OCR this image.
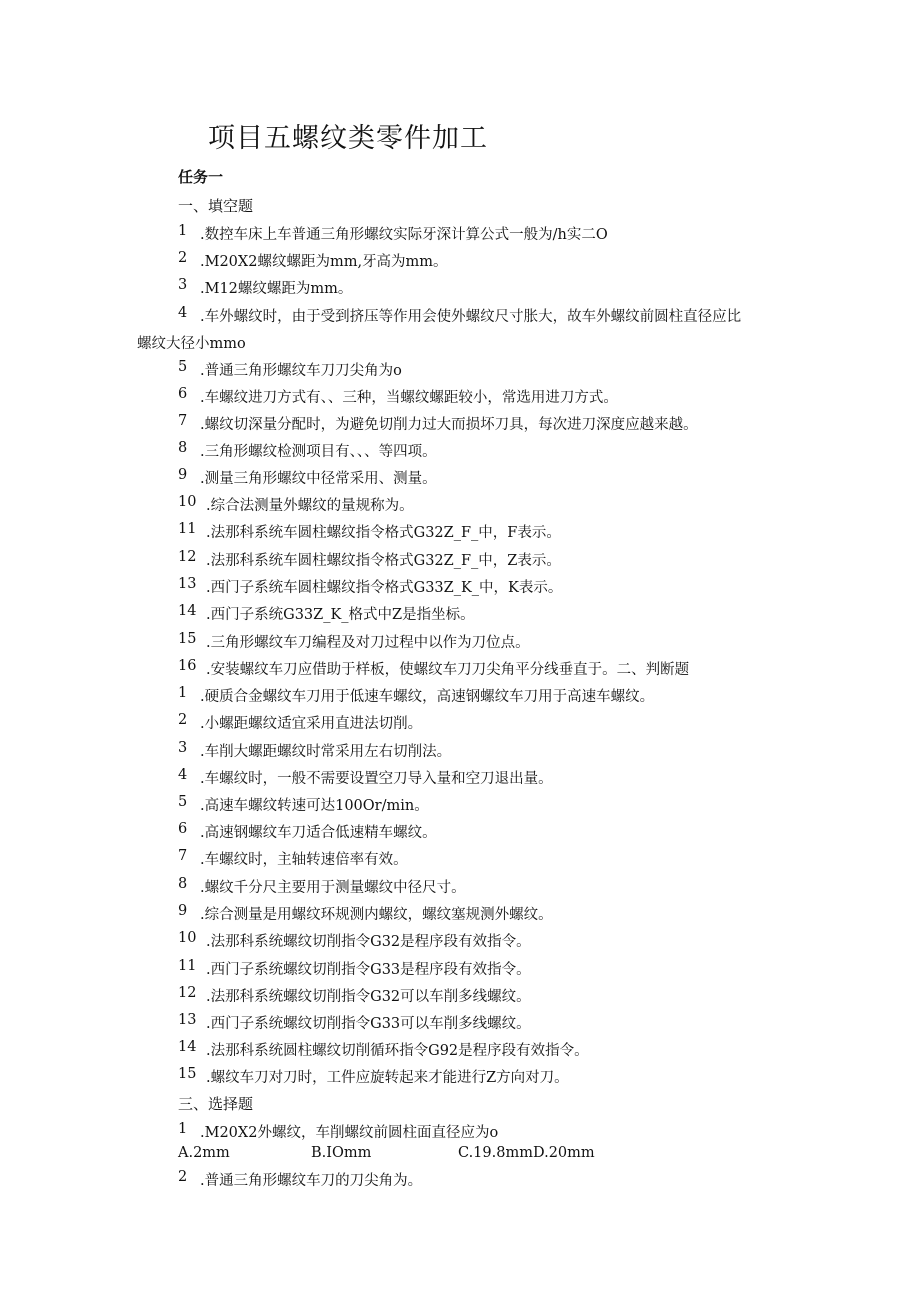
项目五螺纹类零件加工
任务一
一、填空题
1 .数控车床上车普通三角形螺纹实际牙深计算公式一般为/h实二O
2 .M20X2螺纹螺距为mm,牙高为mm。
3 .M12螺纹螺距为mm。
4 .车外螺纹时，由于受到挤压等作用会使外螺纹尺寸胀大，故车外螺纹前圆柱直径应比
螺纹大径小mmo
5 .普通三角形螺纹车刀刀尖角为o
6 .车螺纹进刀方式有、、三种，当螺纹螺距较小，常选用进刀方式。
7 .螺纹切深量分配时，为避免切削力过大而损坏刀具，每次进刀深度应越来越。
8 .三角形螺纹检测项目有、、、等四项。
9 .测量三角形螺纹中径常采用、测量。
10 .综合法测量外螺纹的量规称为。
11 .法那科系统车圆柱螺纹指令格式G32Z_F_中，F表示。
12 .法那科系统车圆柱螺纹指令格式G32Z_F_中，Z表示。
13 .西门子系统车圆柱螺纹指令格式G33Z_K_中，K表示。
14 .西门子系统G33Z_K_格式中Z是指坐标。
15 .三角形螺纹车刀编程及对刀过程中以作为刀位点。
16 .安装螺纹车刀应借助于样板，使螺纹车刀刀尖角平分线垂直于。二、判断题
1 .硬质合金螺纹车刀用于低速车螺纹，高速钢螺纹车刀用于高速车螺纹。
2 .小螺距螺纹适宜采用直进法切削。
3 .车削大螺距螺纹时常采用左右切削法。
4 .车螺纹时，一般不需要设置空刀导入量和空刀退出量。
5 .高速车螺纹转速可达100Or/min。
6 .高速钢螺纹车刀适合低速精车螺纹。
7 .车螺纹时，主轴转速倍率有效。
8 .螺纹千分尺主要用于测量螺纹中径尺寸。
9 .综合测量是用螺纹环规测内螺纹，螺纹塞规测外螺纹。
10 .法那科系统螺纹切削指令G32是程序段有效指令。
11 .西门子系统螺纹切削指令G33是程序段有效指令。
12 .法那科系统螺纹切削指令G32可以车削多线螺纹。
13 .西门子系统螺纹切削指令G33可以车削多线螺纹。
14 .法那科系统圆柱螺纹切削循环指令G92是程序段有效指令。
15 .螺纹车刀对刀时，工件应旋转起来才能进行Z方向对刀。
三、选择题
1 .M20X2外螺纹，车削螺纹前圆柱面直径应为o
A.2mm	B.IOmm	C.19.8mmD.20mm
2 .普通三角形螺纹车刀的刀尖角为。
